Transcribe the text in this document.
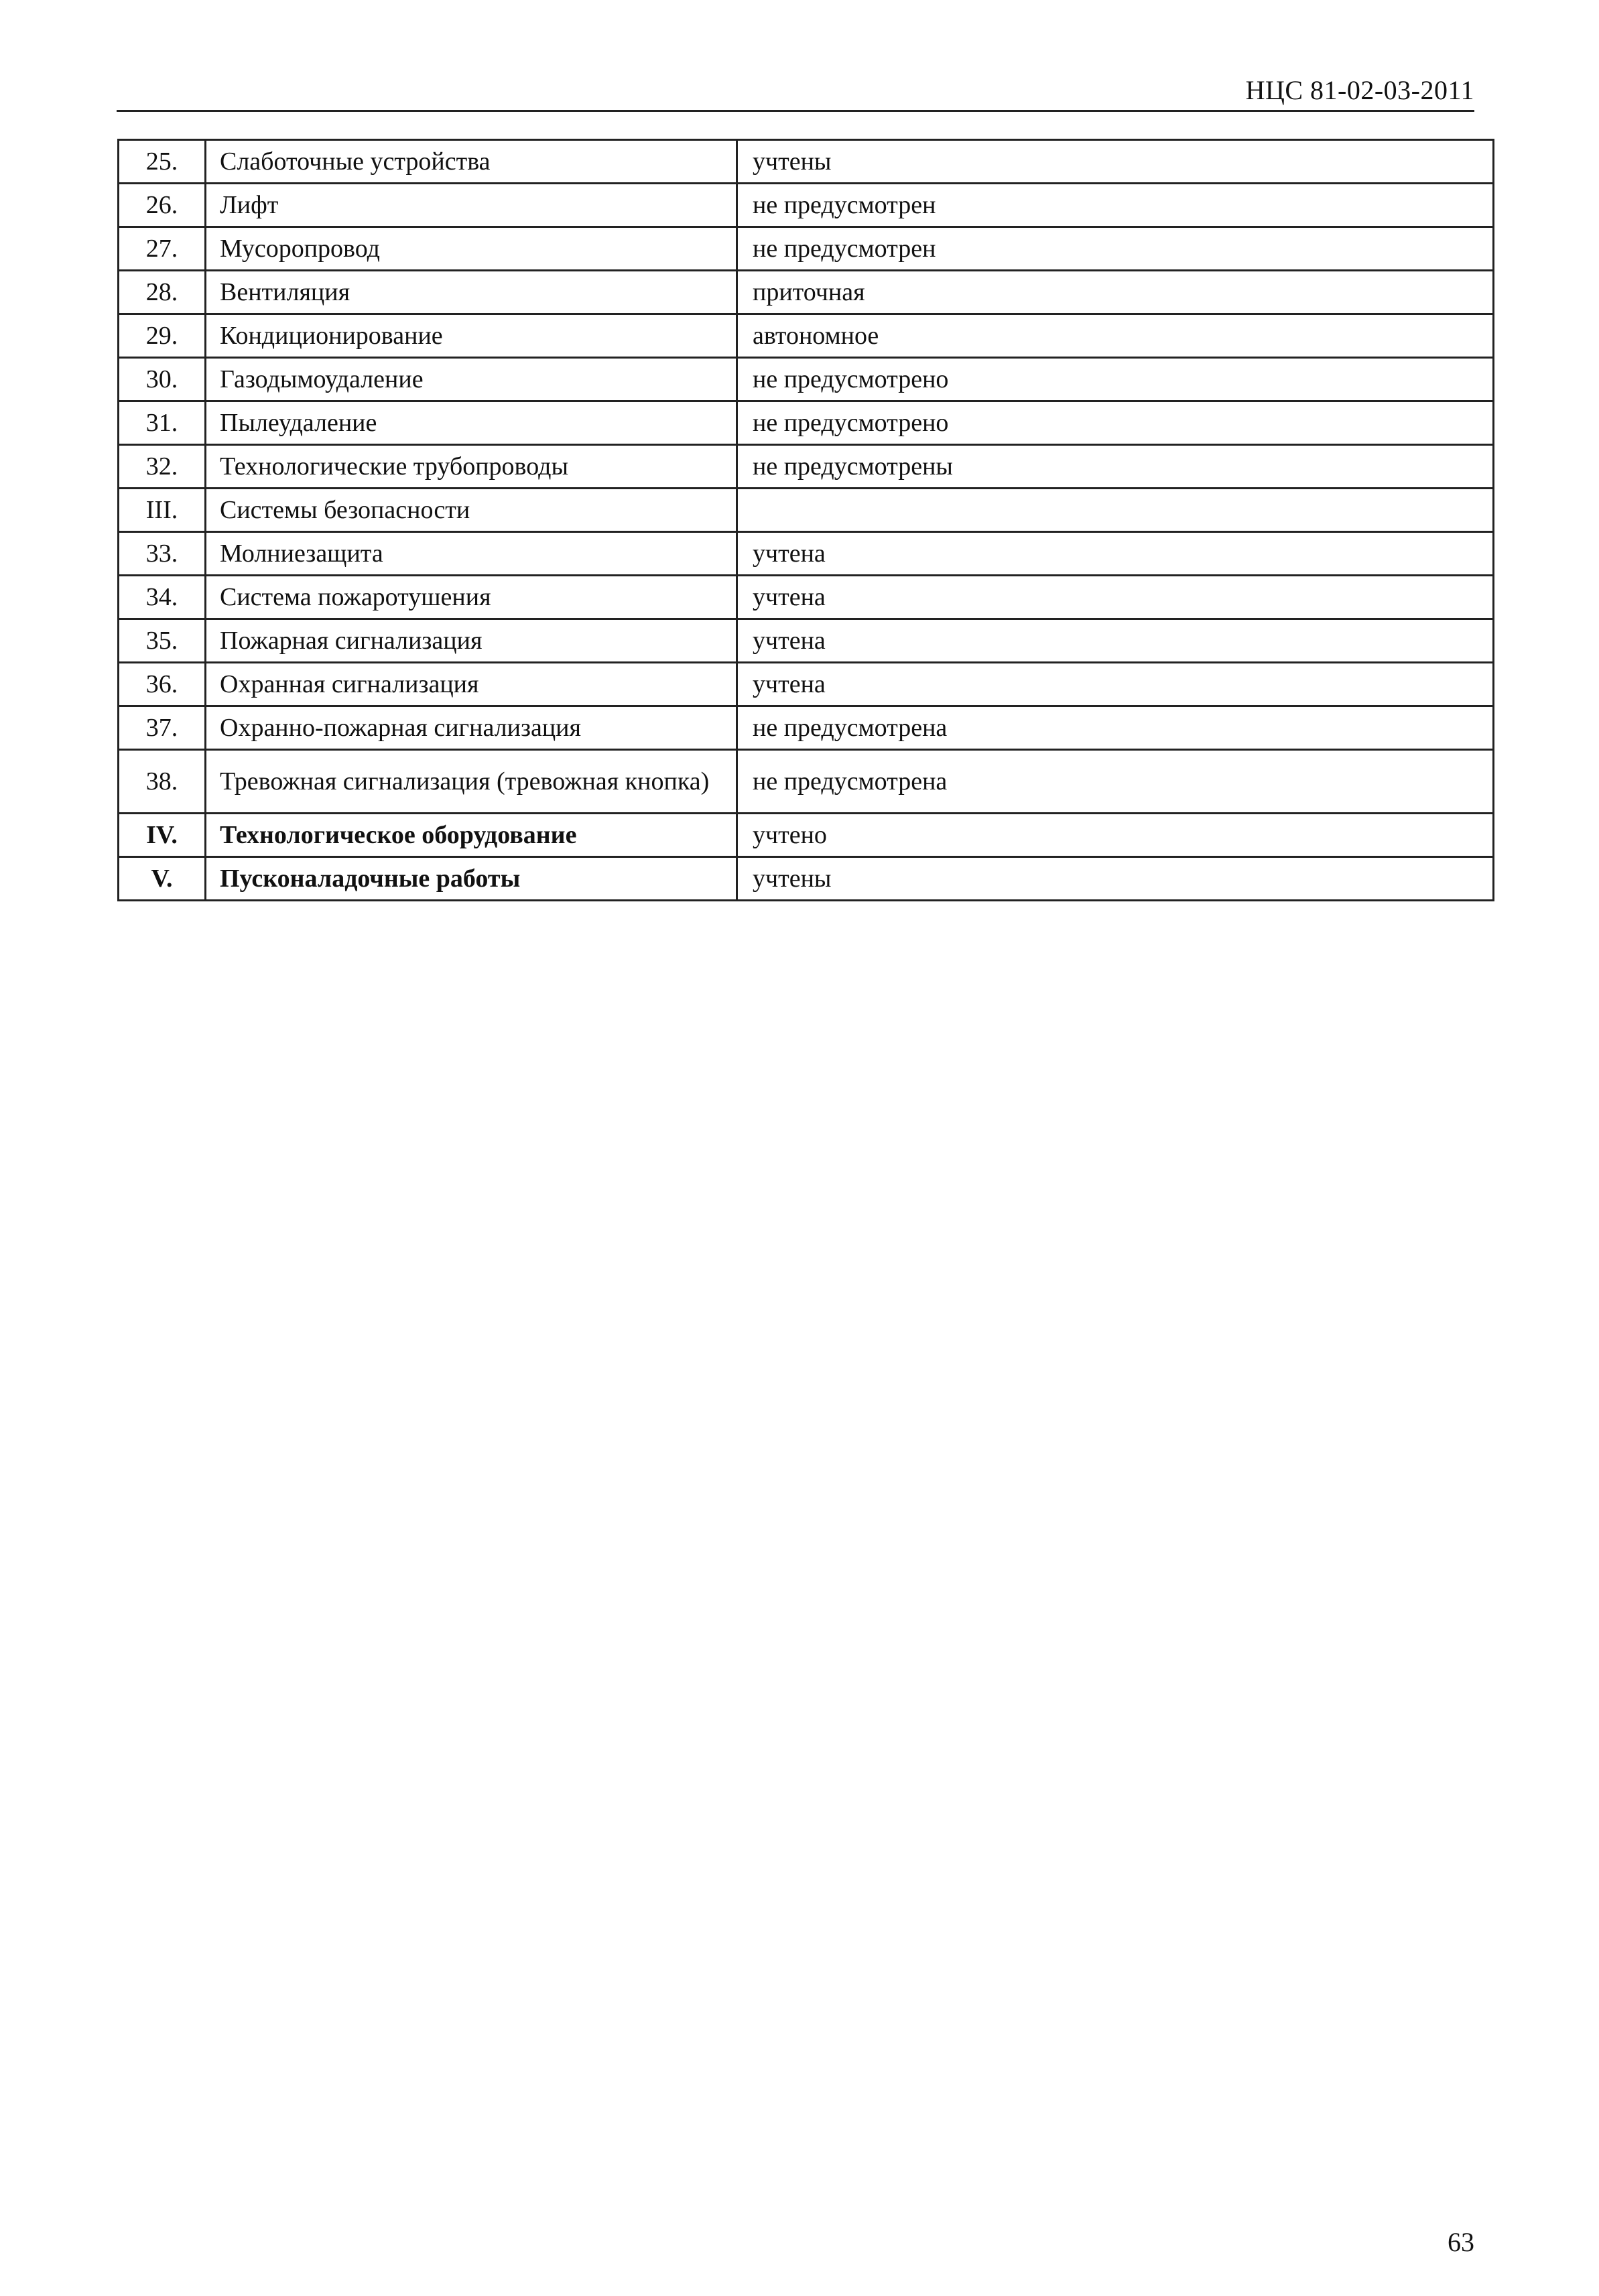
НЦС 81-02-03-2011
25.	Слаботочные устройства	учтены
26.	Лифт	не предусмотрен
27.	Мусоропровод	не предусмотрен
28.	Вентиляция	приточная
29.	Кондиционирование	автономное
30.	Газодымоудаление	не предусмотрено
31.	Пылеудаление	не предусмотрено
32.	Технологические трубопроводы	не предусмотрены
III.	Системы безопасности	
33.	Молниезащита	учтена
34.	Система пожаротушения	учтена
35.	Пожарная сигнализация	учтена
36.	Охранная сигнализация	учтена
37.	Охранно-пожарная сигнализация	не предусмотрена
38.	Тревожная сигнализация (тревожная кнопка)	не предусмотрена
IV.	Технологическое оборудование	учтено
V.	Пусконаладочные работы	учтены
63
